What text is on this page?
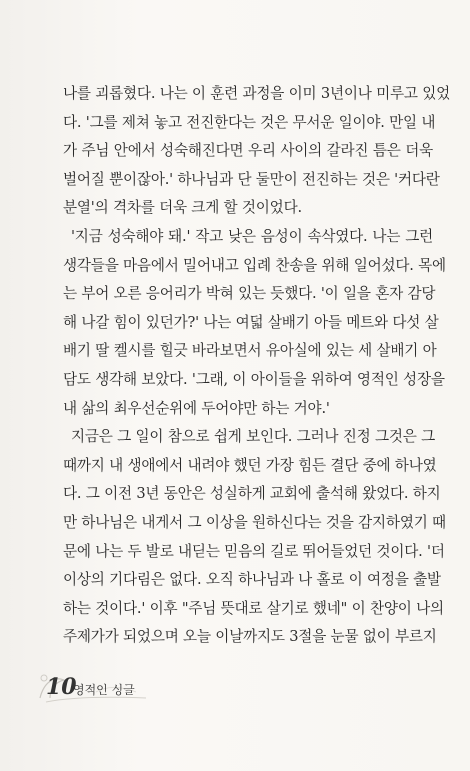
나를 괴롭혔다. 나는 이 훈련 과정을 이미 3년이나 미루고 있었
다. '그를 제쳐 놓고 전진한다는 것은 무서운 일이야. 만일 내
가 주님 안에서 성숙해진다면 우리 사이의 갈라진 틈은 더욱
벌어질 뿐이잖아.' 하나님과 단 둘만이 전진하는 것은 '커다란
분열'의 격차를 더욱 크게 할 것이었다.
'지금 성숙해야 돼.' 작고 낮은 음성이 속삭였다. 나는 그런
생각들을 마음에서 밀어내고 입례 찬송을 위해 일어섰다. 목에
는 부어 오른 응어리가 박혀 있는 듯했다. '이 일을 혼자 감당
해 나갈 힘이 있던가?' 나는 여덟 살배기 아들 메트와 다섯 살
배기 딸 켈시를 힐긋 바라보면서 유아실에 있는 세 살배기 아
담도 생각해 보았다. '그래, 이 아이들을 위하여 영적인 성장을
내 삶의 최우선순위에 두어야만 하는 거야.'
지금은 그 일이 참으로 쉽게 보인다. 그러나 진정 그것은 그
때까지 내 생애에서 내려야 했던 가장 힘든 결단 중에 하나였
다. 그 이전 3년 동안은 성실하게 교회에 출석해 왔었다. 하지
만 하나님은 내게서 그 이상을 원하신다는 것을 감지하였기 때
문에 나는 두 발로 내딛는 믿음의 길로 뛰어들었던 것이다. '더
이상의 기다림은 없다. 오직 하나님과 나 홀로 이 여정을 출발
하는 것이다.' 이후 "주님 뜻대로 살기로 했네" 이 찬양이 나의
주제가가 되었으며 오늘 이날까지도 3절을 눈물 없이 부르지
10
영적인 싱글
